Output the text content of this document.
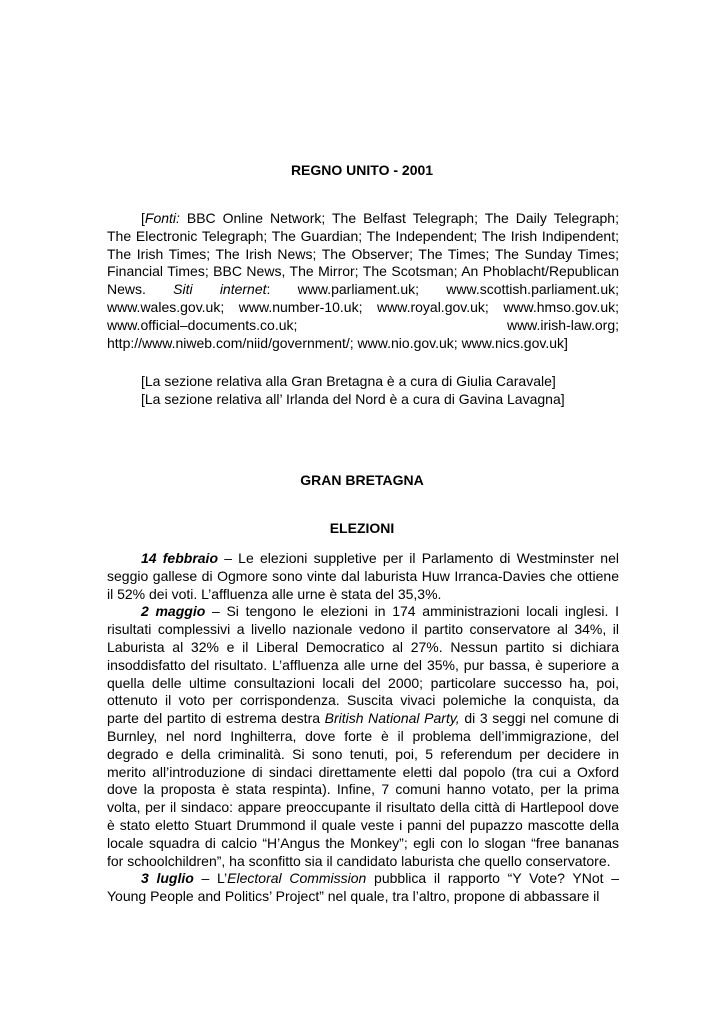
REGNO UNITO - 2001
[Fonti: BBC Online Network; The Belfast Telegraph; The Daily Telegraph; The Electronic Telegraph; The Guardian; The Independent; The Irish Indipendent; The Irish Times; The Irish News; The Observer; The Times; The Sunday Times; Financial Times; BBC News, The Mirror; The Scotsman; An Phoblacht/Republican News. Siti internet: www.parliament.uk; www.scottish.parliament.uk; www.wales.gov.uk; www.number-10.uk; www.royal.gov.uk; www.hmso.gov.uk; www.official–documents.co.uk; www.irish-law.org; http://www.niweb.com/niid/government/; www.nio.gov.uk; www.nics.gov.uk]
[La sezione relativa alla Gran Bretagna è a cura di Giulia Caravale]
[La sezione relativa all’ Irlanda del Nord è a cura di Gavina Lavagna]
GRAN BRETAGNA
ELEZIONI

14 febbraio – Le elezioni suppletive per il Parlamento di Westminster nel seggio gallese di Ogmore sono vinte dal laburista Huw Irranca-Davies che ottiene il 52% dei voti. L’affluenza alle urne è stata del 35,3%.

2 maggio – Si tengono le elezioni in 174 amministrazioni locali inglesi. I risultati complessivi a livello nazionale vedono il partito conservatore al 34%, il Laburista al 32% e il Liberal Democratico al 27%. Nessun partito si dichiara insoddisfatto del risultato. L’affluenza alle urne del 35%, pur bassa, è superiore a quella delle ultime consultazioni locali del 2000; particolare successo ha, poi, ottenuto il voto per corrispondenza. Suscita vivaci polemiche la conquista, da parte del partito di estrema destra British National Party, di 3 seggi nel comune di Burnley, nel nord Inghilterra, dove forte è il problema dell’immigrazione, del degrado e della criminalità. Si sono tenuti, poi, 5 referendum per decidere in merito all’introduzione di sindaci direttamente eletti dal popolo (tra cui a Oxford dove la proposta è stata respinta). Infine, 7 comuni hanno votato, per la prima volta, per il sindaco: appare preoccupante il risultato della città di Hartlepool dove è stato eletto Stuart Drummond il quale veste i panni del pupazzo mascotte della locale squadra di calcio “H’Angus the Monkey”; egli con lo slogan “free bananas for schoolchildren”, ha sconfitto sia il candidato laburista che quello conservatore.

3 luglio – L’Electoral Commission pubblica il rapporto “Y Vote? YNot – Young People and Politics’ Project” nel quale, tra l’altro, propone di abbassare il
